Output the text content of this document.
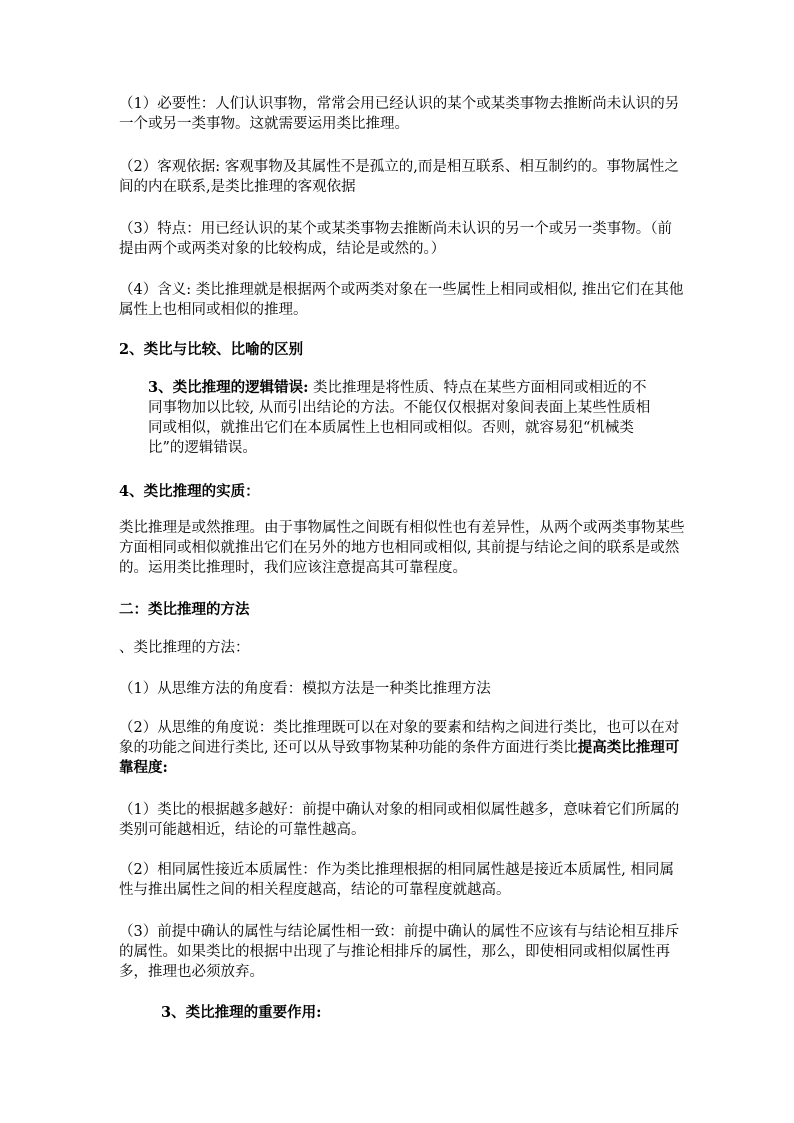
（1）必要性：人们认识事物，常常会用已经认识的某个或某类事物去推断尚未认识的另一个或另一类事物。这就需要运用类比推理。

（2）客观依据: 客观事物及其属性不是孤立的,而是相互联系、相互制约的。事物属性之间的内在联系,是类比推理的客观依据

（3）特点：用已经认识的某个或某类事物去推断尚未认识的另一个或另一类事物。（前提由两个或两类对象的比较构成，结论是或然的。）

（4）含义: 类比推理就是根据两个或两类对象在一些属性上相同或相似, 推出它们在其他属性上也相同或相似的推理。

2、类比与比较、比喻的区别

3、类比推理的逻辑错误: 类比推理是将性质、特点在某些方面相同或相近的不同事物加以比较, 从而引出结论的方法。不能仅仅根据对象间表面上某些性质相同或相似，就推出它们在本质属性上也相同或相似。否则，就容易犯“机械类比”的逻辑错误。

4、类比推理的实质：

类比推理是或然推理。由于事物属性之间既有相似性也有差异性，从两个或两类事物某些方面相同或相似就推出它们在另外的地方也相同或相似, 其前提与结论之间的联系是或然的。运用类比推理时，我们应该注意提高其可靠程度。

二：类比推理的方法

、类比推理的方法：

（1）从思维方法的角度看：模拟方法是一种类比推理方法

（2）从思维的角度说：类比推理既可以在对象的要素和结构之间进行类比，也可以在对象的功能之间进行类比, 还可以从导致事物某种功能的条件方面进行类比提高类比推理可靠程度:

（1）类比的根据越多越好：前提中确认对象的相同或相似属性越多，意味着它们所属的类别可能越相近，结论的可靠性越高。

（2）相同属性接近本质属性：作为类比推理根据的相同属性越是接近本质属性, 相同属性与推出属性之间的相关程度越高，结论的可靠程度就越高。

（3）前提中确认的属性与结论属性相一致：前提中确认的属性不应该有与结论相互排斥的属性。如果类比的根据中出现了与推论相排斥的属性，那么，即使相同或相似属性再多，推理也必须放弃。

3、类比推理的重要作用:
